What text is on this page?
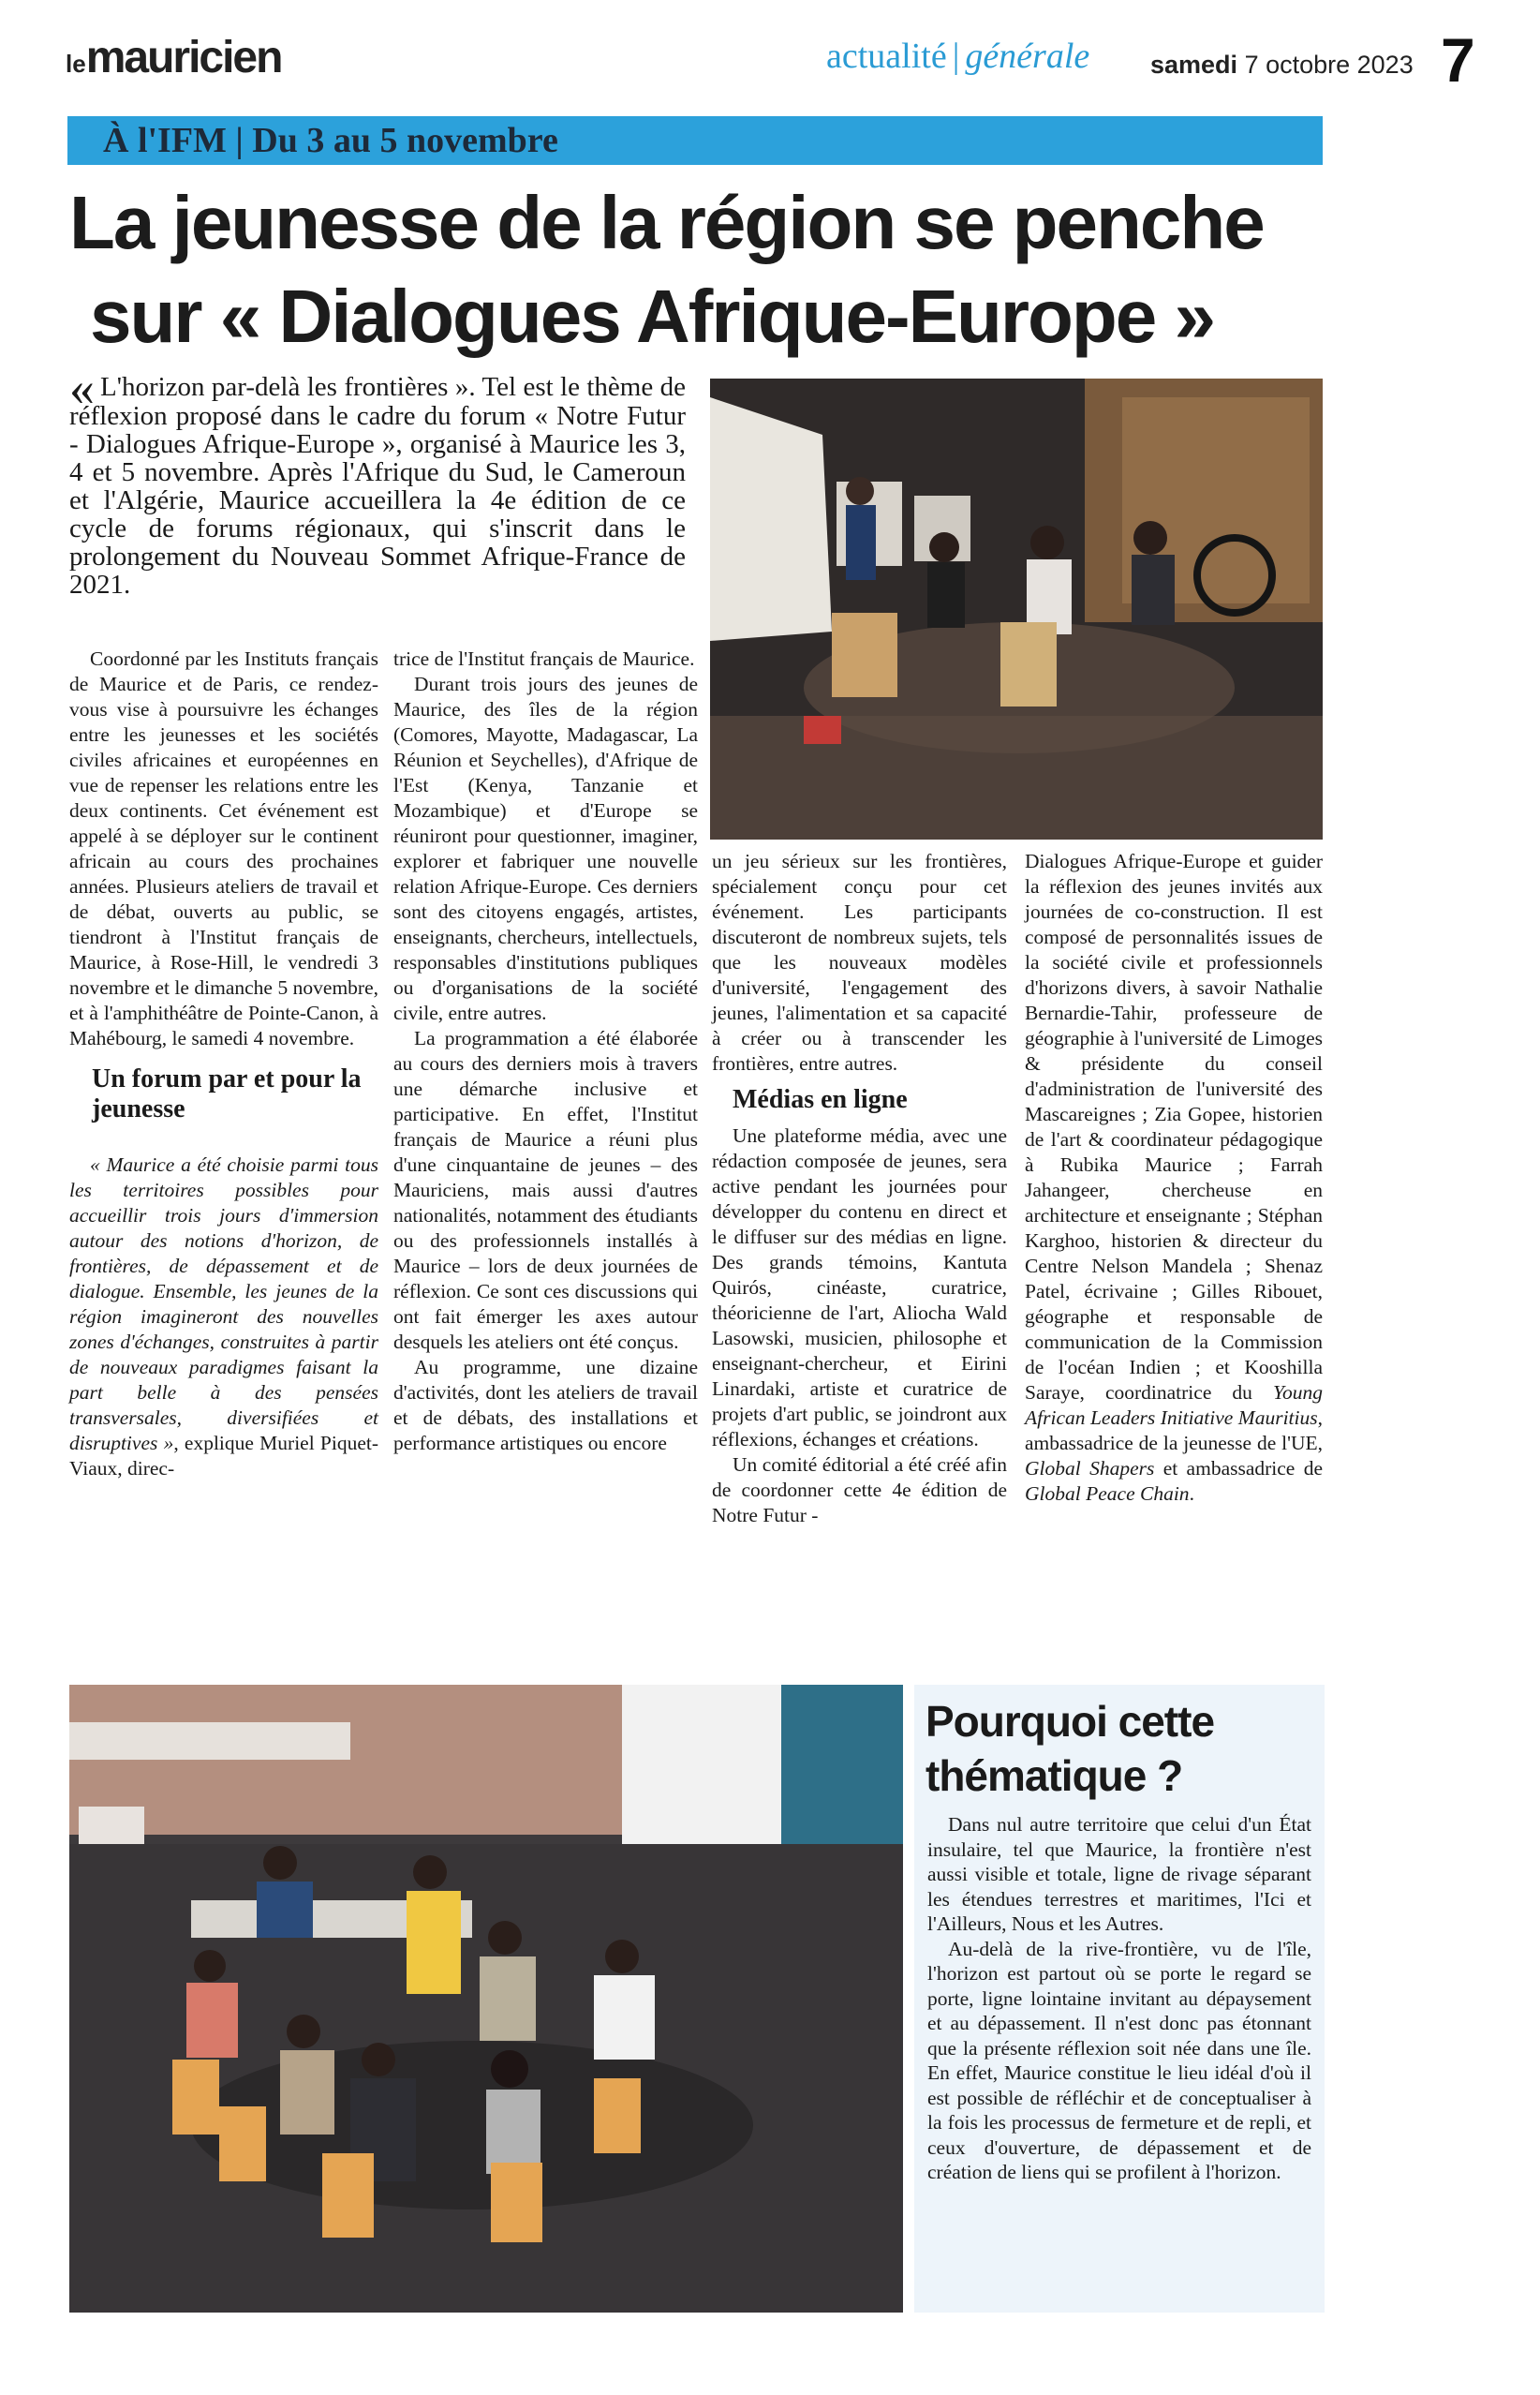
lemauricien	actualité | générale samedi 7 octobre 2023 7
À l'IFM | Du 3 au 5 novembre
La jeunesse de la région se penche
sur « Dialogues Afrique-Europe »
« L'horizon par-delà les frontières ». Tel est le thème de réflexion proposé dans le cadre du forum « Notre Futur - Dialogues Afrique-Europe », organisé à Maurice les 3, 4 et 5 novembre. Après l'Afrique du Sud, le Cameroun et l'Algérie, Maurice accueillera la 4e édition de ce cycle de forums régionaux, qui s'inscrit dans le prolongement du Nouveau Sommet Afrique-France de 2021.

Coordonné par les Instituts français de Maurice et de Paris, ce rendez-vous vise à poursuivre les échanges entre les jeunesses et les sociétés civiles africaines et européennes en vue de repenser les relations entre les deux continents. Cet événement est appelé à se déployer sur le continent africain au cours des prochaines années. Plusieurs ateliers de travail et de débat, ouverts au public, se tiendront à l'Institut français de Maurice, à Rose-Hill, le vendredi 3 novembre et le dimanche 5 novembre, et à l'amphithéâtre de Pointe-Canon, à Mahébourg, le samedi 4 novembre.

Un forum par et pour la jeunesse

« Maurice a été choisie parmi tous les territoires possibles pour accueillir trois jours d'immersion autour des notions d'horizon, de frontières, de dépassement et de dialogue. Ensemble, les jeunes de la région imagineront des nouvelles zones d'échanges, construites à partir de nouveaux paradigmes faisant la part belle à des pensées transversales, diversifiées et disruptives », explique Muriel Piquet-Viaux, direc-

trice de l'Institut français de Maurice.

Durant trois jours des jeunes de Maurice, des îles de la région (Comores, Mayotte, Madagascar, La Réunion et Seychelles), d'Afrique de l'Est (Kenya, Tanzanie et Mozambique) et d'Europe se réuniront pour questionner, imaginer, explorer et fabriquer une nouvelle relation Afrique-Europe. Ces derniers sont des citoyens engagés, artistes, enseignants, chercheurs, intellectuels, responsables d'institutions publiques ou d'organisations de la société civile, entre autres.

La programmation a été élaborée au cours des derniers mois à travers une démarche inclusive et participative. En effet, l'Institut français de Maurice a réuni plus d'une cinquantaine de jeunes – des Mauriciens, mais aussi d'autres nationalités, notamment des étudiants ou des professionnels installés à Maurice – lors de deux journées de réflexion. Ce sont ces discussions qui ont fait émerger les axes autour desquels les ateliers ont été conçus.

Au programme, une dizaine d'activités, dont les ateliers de travail et de débats, des installations et performance artistiques ou encore

un jeu sérieux sur les frontières, spécialement conçu pour cet événement. Les participants discuteront de nombreux sujets, tels que les nouveaux modèles d'université, l'engagement des jeunes, l'alimentation et sa capacité à créer ou à transcender les frontières, entre autres.

Médias en ligne

Une plateforme média, avec une rédaction composée de jeunes, sera active pendant les journées pour développer du contenu en direct et le diffuser sur des médias en ligne. Des grands témoins, Kantuta Quirós, cinéaste, curatrice, théoricienne de l'art, Aliocha Wald Lasowski, musicien, philosophe et enseignant-chercheur, et Eirini Linardaki, artiste et curatrice de projets d'art public, se joindront aux réflexions, échanges et créations.

Un comité éditorial a été créé afin de coordonner cette 4e édition de Notre Futur -

Dialogues Afrique-Europe et guider la réflexion des jeunes invités aux journées de co-construction. Il est composé de personnalités issues de la société civile et professionnels d'horizons divers, à savoir Nathalie Bernardie-Tahir, professeure de géographie à l'université de Limoges & présidente du conseil d'administration de l'université des Mascareignes ; Zia Gopee, historien de l'art & coordinateur pédagogique à Rubika Maurice ; Farrah Jahangeer, chercheuse en architecture et enseignante ; Stéphan Karghoo, historien & directeur du Centre Nelson Mandela ; Shenaz Patel, écrivaine ; Gilles Ribouet, géographe et responsable de communication de la Commission de l'océan Indien ; et Kooshilla Saraye, coordinatrice du Young African Leaders Initiative Mauritius, ambassadrice de la jeunesse de l'UE, Global Shapers et ambassadrice de Global Peace Chain.

Pourquoi cette thématique ?

Dans nul autre territoire que celui d'un État insulaire, tel que Maurice, la frontière n'est aussi visible et totale, ligne de rivage séparant les étendues terrestres et maritimes, l'Ici et l'Ailleurs, Nous et les Autres.

Au-delà de la rive-frontière, vu de l'île, l'horizon est partout où se porte le regard se porte, ligne lointaine invitant au dépaysement et au dépassement. Il n'est donc pas étonnant que la présente réflexion soit née dans une île. En effet, Maurice constitue le lieu idéal d'où il est possible de réfléchir et de conceptualiser à la fois les processus de fermeture et de repli, et ceux d'ouverture, de dépassement et de création de liens qui se profilent à l'horizon.
